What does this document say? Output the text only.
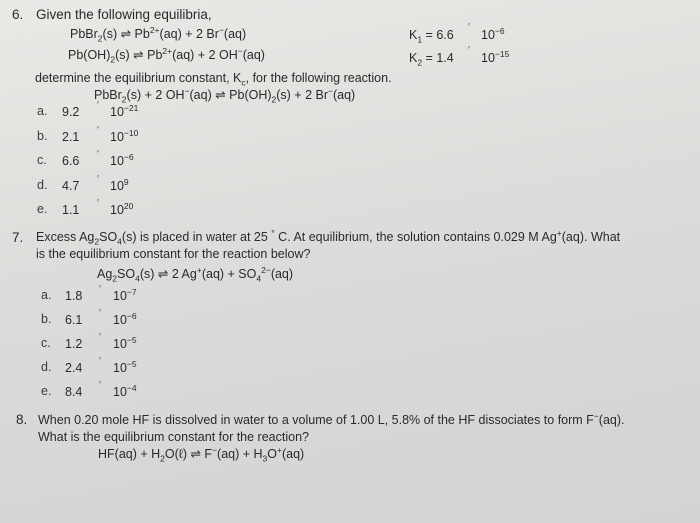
6. Given the following equilibria,
PbBr$_2$(s) ⇌ $Pb^{2+}(aq) + 2$ Br−(aq)	$K_1 = 6.6$
′
$10^{-6}$
$Pb(OH)_2(s)$ ⇌ $Pb^{2+}(aq) + 2$ OH−(aq)	$K_2 = 1.4$
′
$10^{-15}$
determine the equilibrium constant, $K_c$, for the following reaction.
PbBr$_2$(s) + 2 OH−(aq) ⇌ $Pb(OH)_2(s) + 2$ Br−(aq)
a. 9.2 ′ $10^{-21}$
b. 2.1 ′ $10^{-10}$
c. 6.6 ′ $10^{-6}$
d. 4.7 ′ $10^9$
e. 1.1 ′ $10^{20}$
7. Excess $Ag_2SO_4(s)$ is placed in water at 25 ° C. At equilibrium, the solution contains 0.029 M Ag+(aq). What
is the equilibrium constant for the reaction below?
$Ag_2SO_4(s)$ ⇌ 2 $Ag^+(aq) + SO_4^{2-}(aq)$
a. 1.8 ′ $10^{-7}$
b. 6.1 ′ $10^{-6}$
c. 1.2 ′ $10^{-5}$
d. 2.4 ′ $10^{-5}$
e. 8.4 ′ $10^{-4}$
8. When 0.20 mole HF is dissolved in water to a volume of 1.00 L, 5.8% of the HF dissociates to form F−(aq).
What is the equilibrium constant for the reaction?
$HF(aq) + H_2O(\ell)$ ⇌ $F^-(aq) + H_3O^+(aq)$
